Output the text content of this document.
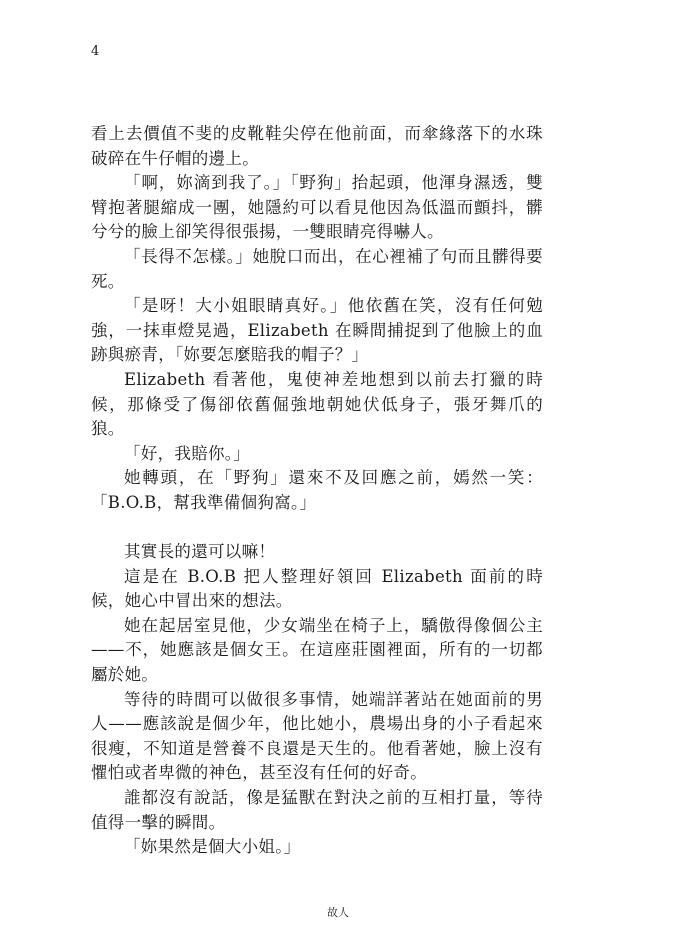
4

看上去價值不斐的皮靴鞋尖停在他前面，而傘緣落下的水珠破碎在牛仔帽的邊上。

「啊，妳滴到我了。」「野狗」抬起頭，他渾身濕透，雙臂抱著腿縮成一團，她隱約可以看見他因為低溫而顫抖，髒兮兮的臉上卻笑得很張揚，一雙眼睛亮得嚇人。

「長得不怎樣。」她脫口而出，在心裡補了句而且髒得要死。

「是呀！大小姐眼睛真好。」他依舊在笑，沒有任何勉強，一抹車燈晃過，Elizabeth 在瞬間捕捉到了他臉上的血跡與瘀青，「妳要怎麼賠我的帽子？」

Elizabeth 看著他，鬼使神差地想到以前去打獵的時候，那條受了傷卻依舊倔強地朝她伏低身子，張牙舞爪的狼。

「好，我賠你。」

她轉頭，在「野狗」還來不及回應之前，嫣然一笑：「B.O.B，幫我準備個狗窩。」

其實長的還可以嘛！

這是在 B.O.B 把人整理好領回 Elizabeth 面前的時候，她心中冒出來的想法。

她在起居室見他，少女端坐在椅子上，驕傲得像個公主——不，她應該是個女王。在這座莊園裡面，所有的一切都屬於她。

等待的時間可以做很多事情，她端詳著站在她面前的男人——應該說是個少年，他比她小，農場出身的小子看起來很瘦，不知道是營養不良還是天生的。他看著她，臉上沒有懼怕或者卑微的神色，甚至沒有任何的好奇。

誰都沒有說話，像是猛獸在對決之前的互相打量，等待值得一擊的瞬間。

「妳果然是個大小姐。」

故人
